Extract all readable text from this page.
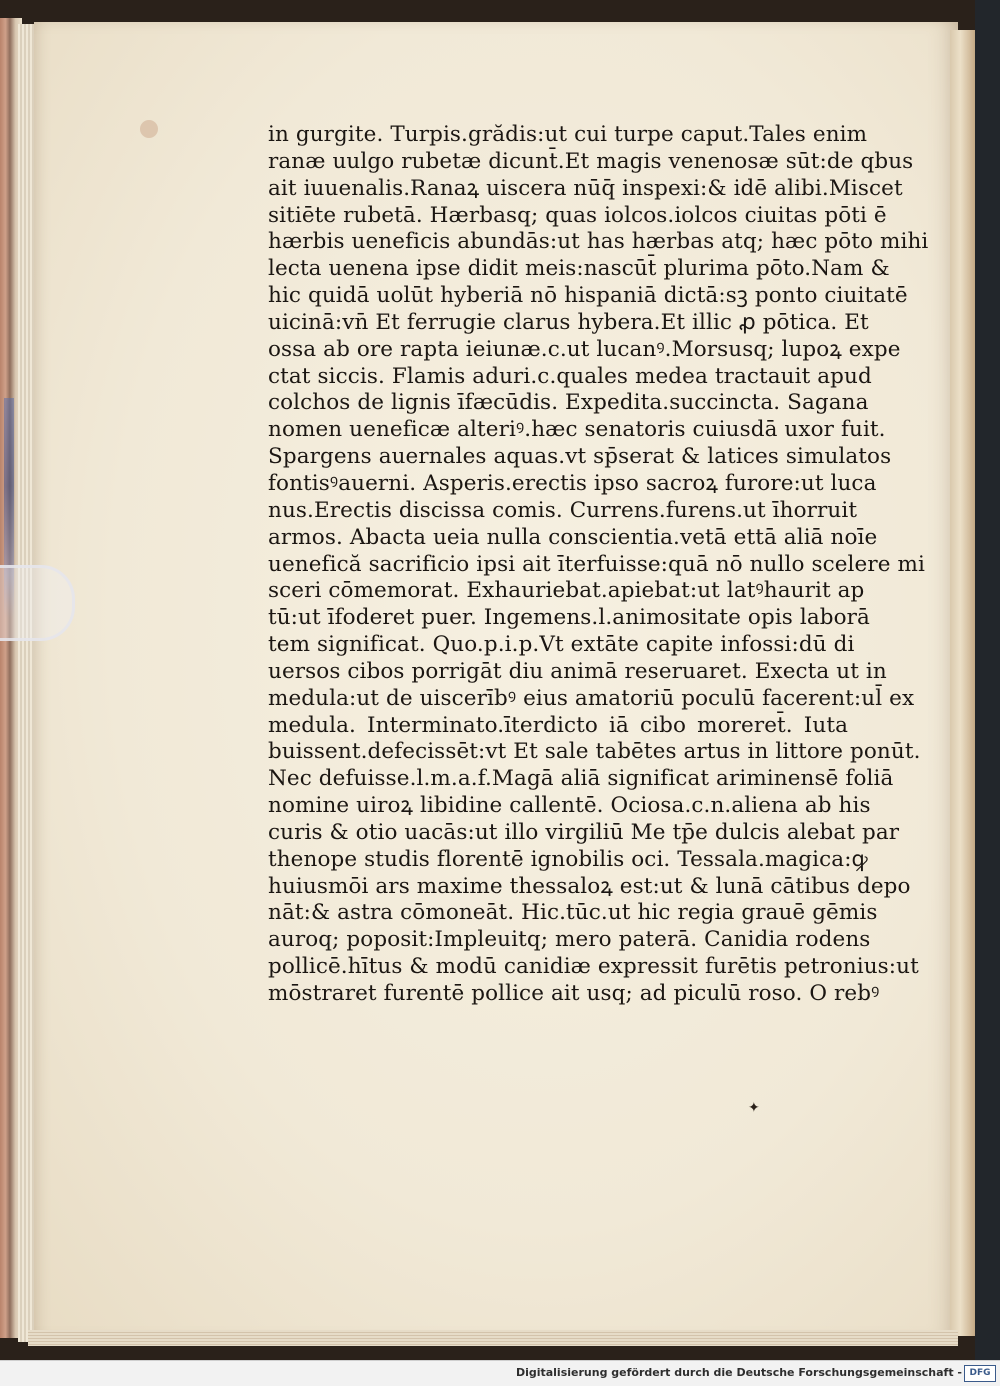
in gurgite. Turpis.grădis:ut cui turpe caput.Tales enim
ranæ uulgo rubetæ dicunt̄.Et magis venenosæ sūt:de qbus
ait iuuenalis.Ranaꝝ uiscera nūq̄ inspexi:& idē alibi.Miscet
sitiēte rubetā. Hærbasq; quas iolcos.iolcos ciuitas pōti ē
hærbis ueneficis abundās:ut has hærbas atq; hæc pōto mihi
lecta uenena ipse didit meis:nascūt̄ plurima pōto.Nam &
hic quidā uolūt hyberiā nō hispaniā dictā:sꝫ ponto ciuitatē
uicinā:vn̄ Et ferrugie clarus hybera.Et illic ꝓ pōtica. Et
ossa ab ore rapta ieiunæ.c.ut lucanꝰ.Morsusq; lupoꝝ expe
ctat siccis. Flamis aduri.c.quales medea tractauit apud
colchos de lignis īfæcūdis. Expedita.succincta. Sagana
nomen ueneficæ alteriꝰ.hæc senatoris cuiusdā uxor fuit.
Spargens auernales aquas.vt sp̄serat & latices simulatos
fontisꝰauerni. Asperis.erectis ipso sacroꝝ furore:ut luca
nus.Erectis discissa comis. Currens.furens.ut īhorruit
armos. Abacta ueia nulla conscientia.vetā ettā aliā noīe
uenefică sacrificio ipsi ait īterfuisse:quā nō nullo scelere mi
sceri cōmemorat. Exhauriebat.apiebat:ut latꝰhaurit ap
tū:ut īfoderet puer. Ingemens.l.animositate opis laborā
tem significat. Quo.p.i.p.Vt extāte capite infossi:dū di
uersos cibos porrigāt diu animā reseruaret. Execta ut in
medula:ut de uiscerībꝰ eius amatoriū poculū facerent:ul̄ ex
medula. Interminato.īterdicto iā cibo moreret̄. Iuta
buissent.defecissēt:vt Et sale tabētes artus in littore ponūt.
Nec defuisse.l.m.a.f.Magā aliā significat ariminensē foliā
nomine uiroꝝ libidine callentē. Ociosa.c.n.aliena ab his
curis & otio uacās:ut illo virgiliū Me tp̄e dulcis alebat par
thenope studis florentē ignobilis oci. Tessala.magica:ꝙ
huiusmōi ars maxime thessaloꝝ est:ut & lunā cātibus depo
nāt:& astra cōmoneāt. Hic.tūc.ut hic regia grauē gēmis
auroq; poposit:Impleuitq; mero paterā. Canidia rodens
pollicē.hītus & modū canidiæ expressit furētis petronius:ut
mōstraret furentē pollice ait usq; ad piculū roso. O rebꝰ
✦
Digitalisierung gefördert durch die Deutsche Forschungsgemeinschaft - DFG
